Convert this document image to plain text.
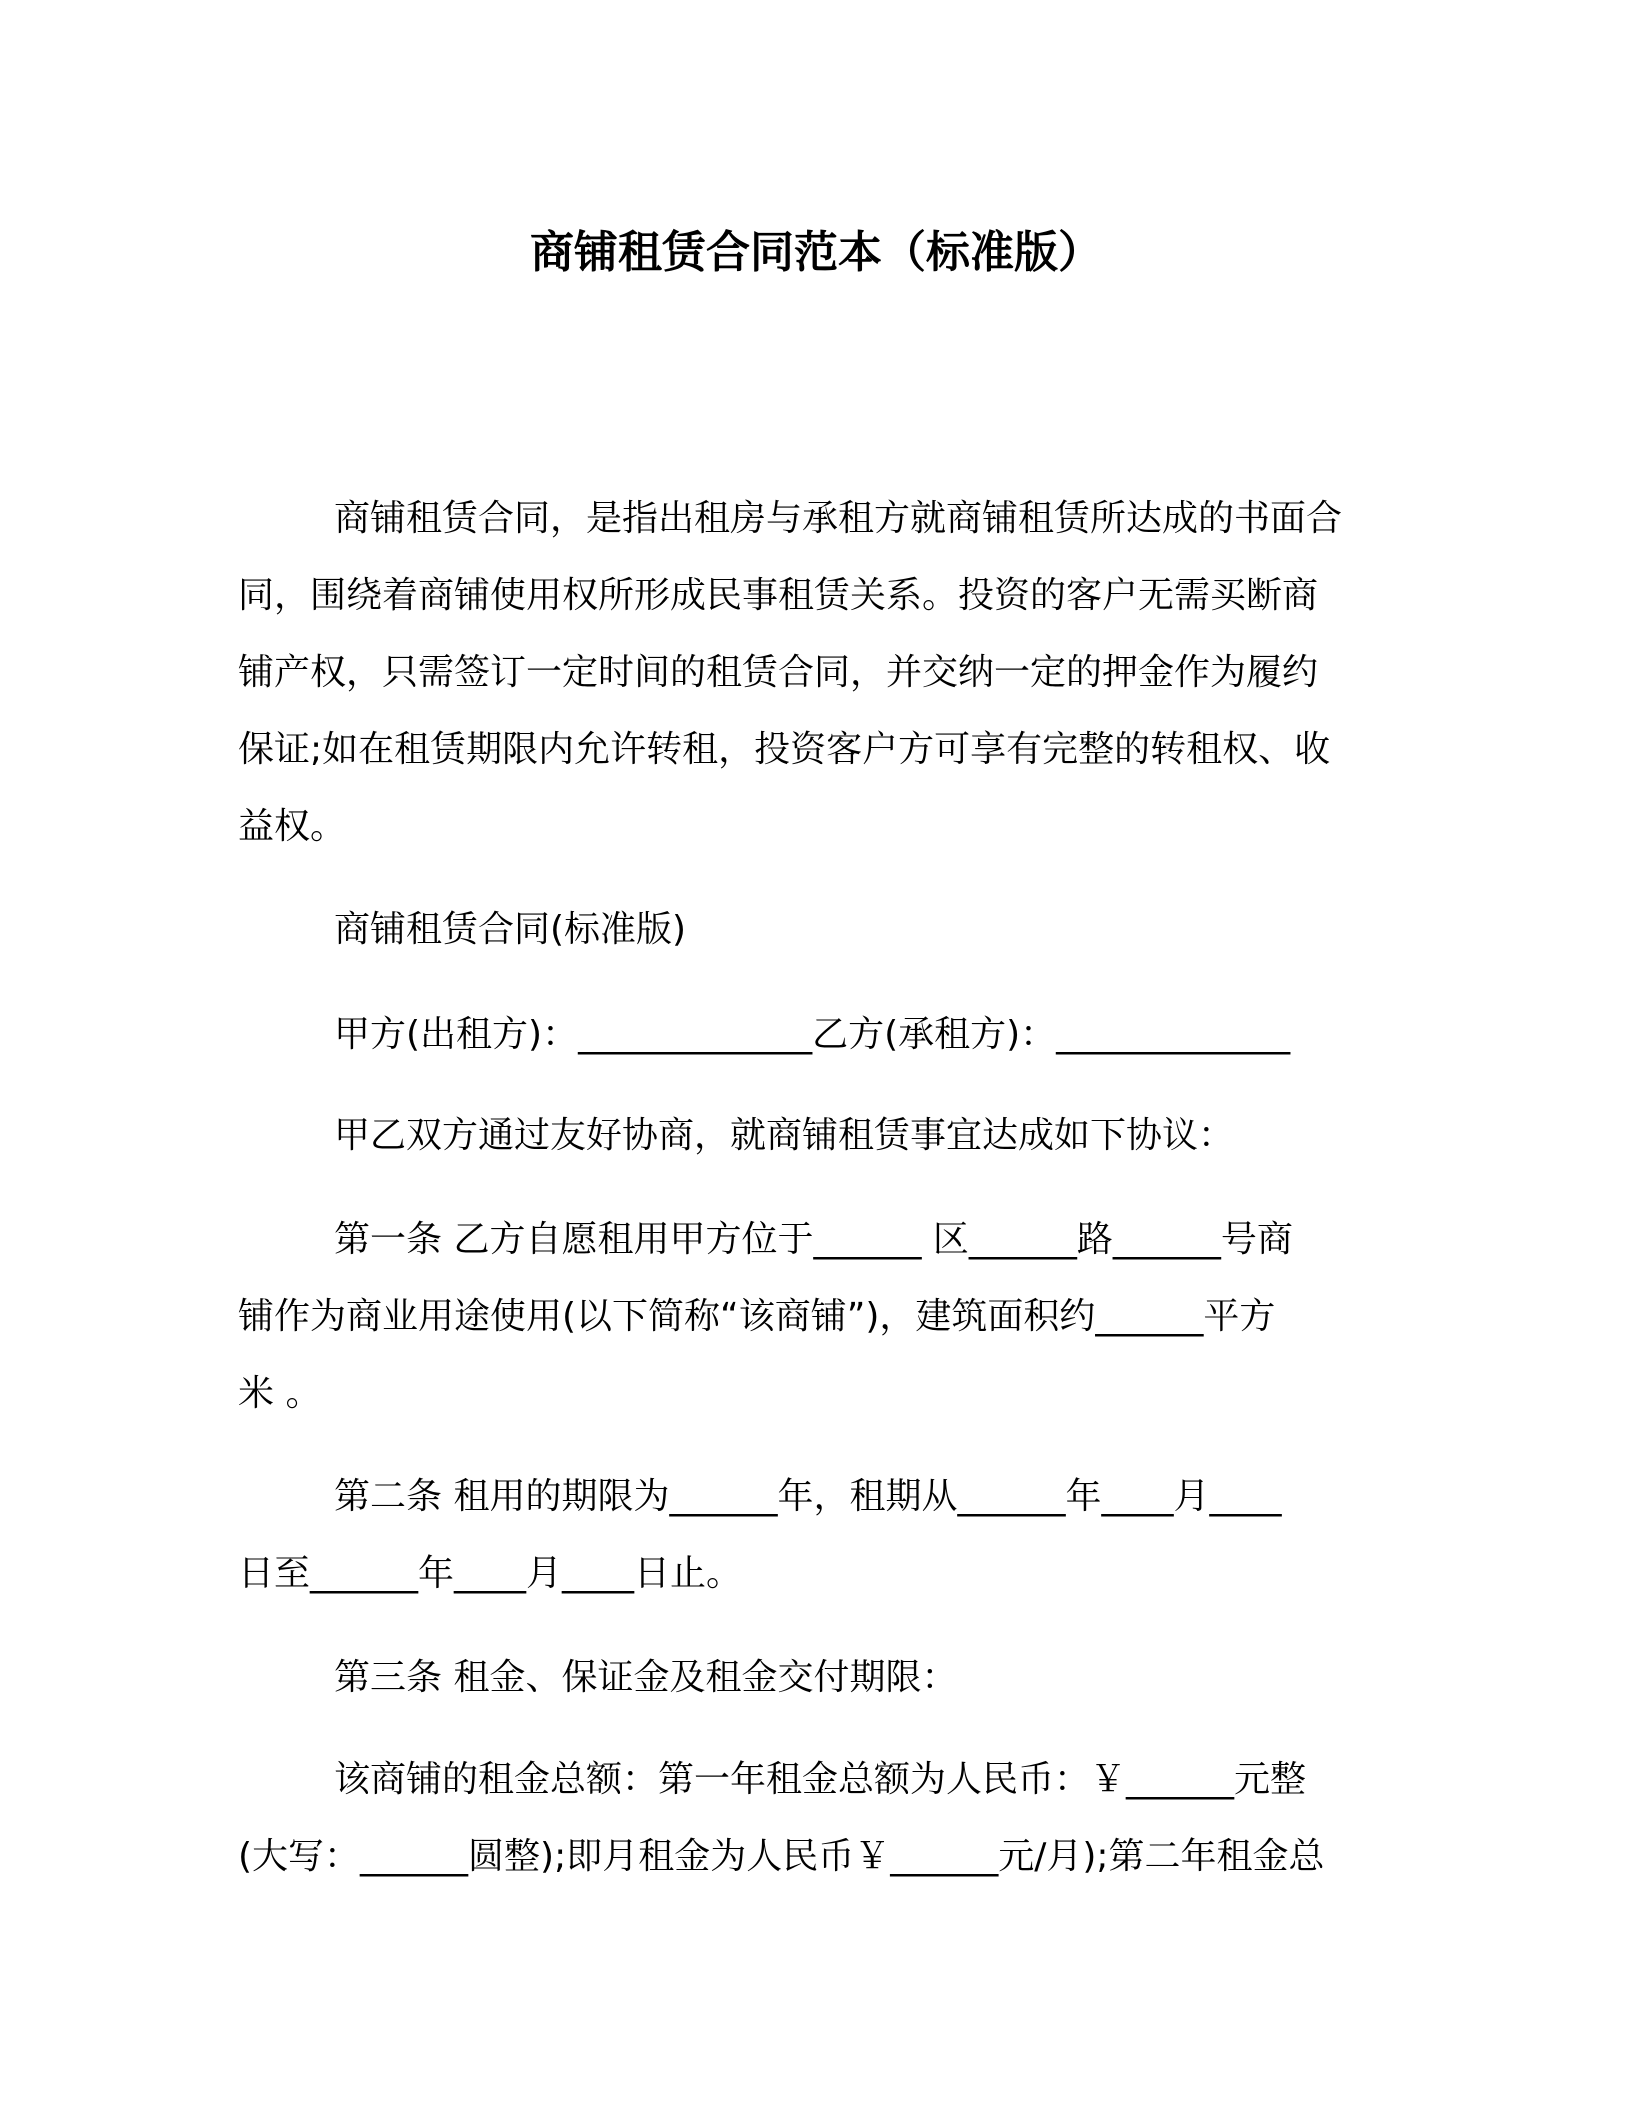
商铺租赁合同范本（标准版）
商铺租赁合同，是指出租房与承租方就商铺租赁所达成的书面合
同，围绕着商铺使用权所形成民事租赁关系。投资的客户无需买断商
铺产权，只需签订一定时间的租赁合同，并交纳一定的押金作为履约
保证;如在租赁期限内允许转租，投资客户方可享有完整的转租权、收
益权。
商铺租赁合同(标准版)
甲方(出租方)：_____________乙方(承租方)：_____________
甲乙双方通过友好协商，就商铺租赁事宜达成如下协议：
第一条 乙方自愿租用甲方位于______ 区______路______号商
铺作为商业用途使用(以下简称“该商铺”)，建筑面积约______平方
米 。
第二条 租用的期限为______年，租期从______年____月____
日至______年____月____日止。
第三条 租金、保证金及租金交付期限：
该商铺的租金总额：第一年租金总额为人民币：￥______元整
(大写：______圆整);即月租金为人民币￥______元/月);第二年租金总
